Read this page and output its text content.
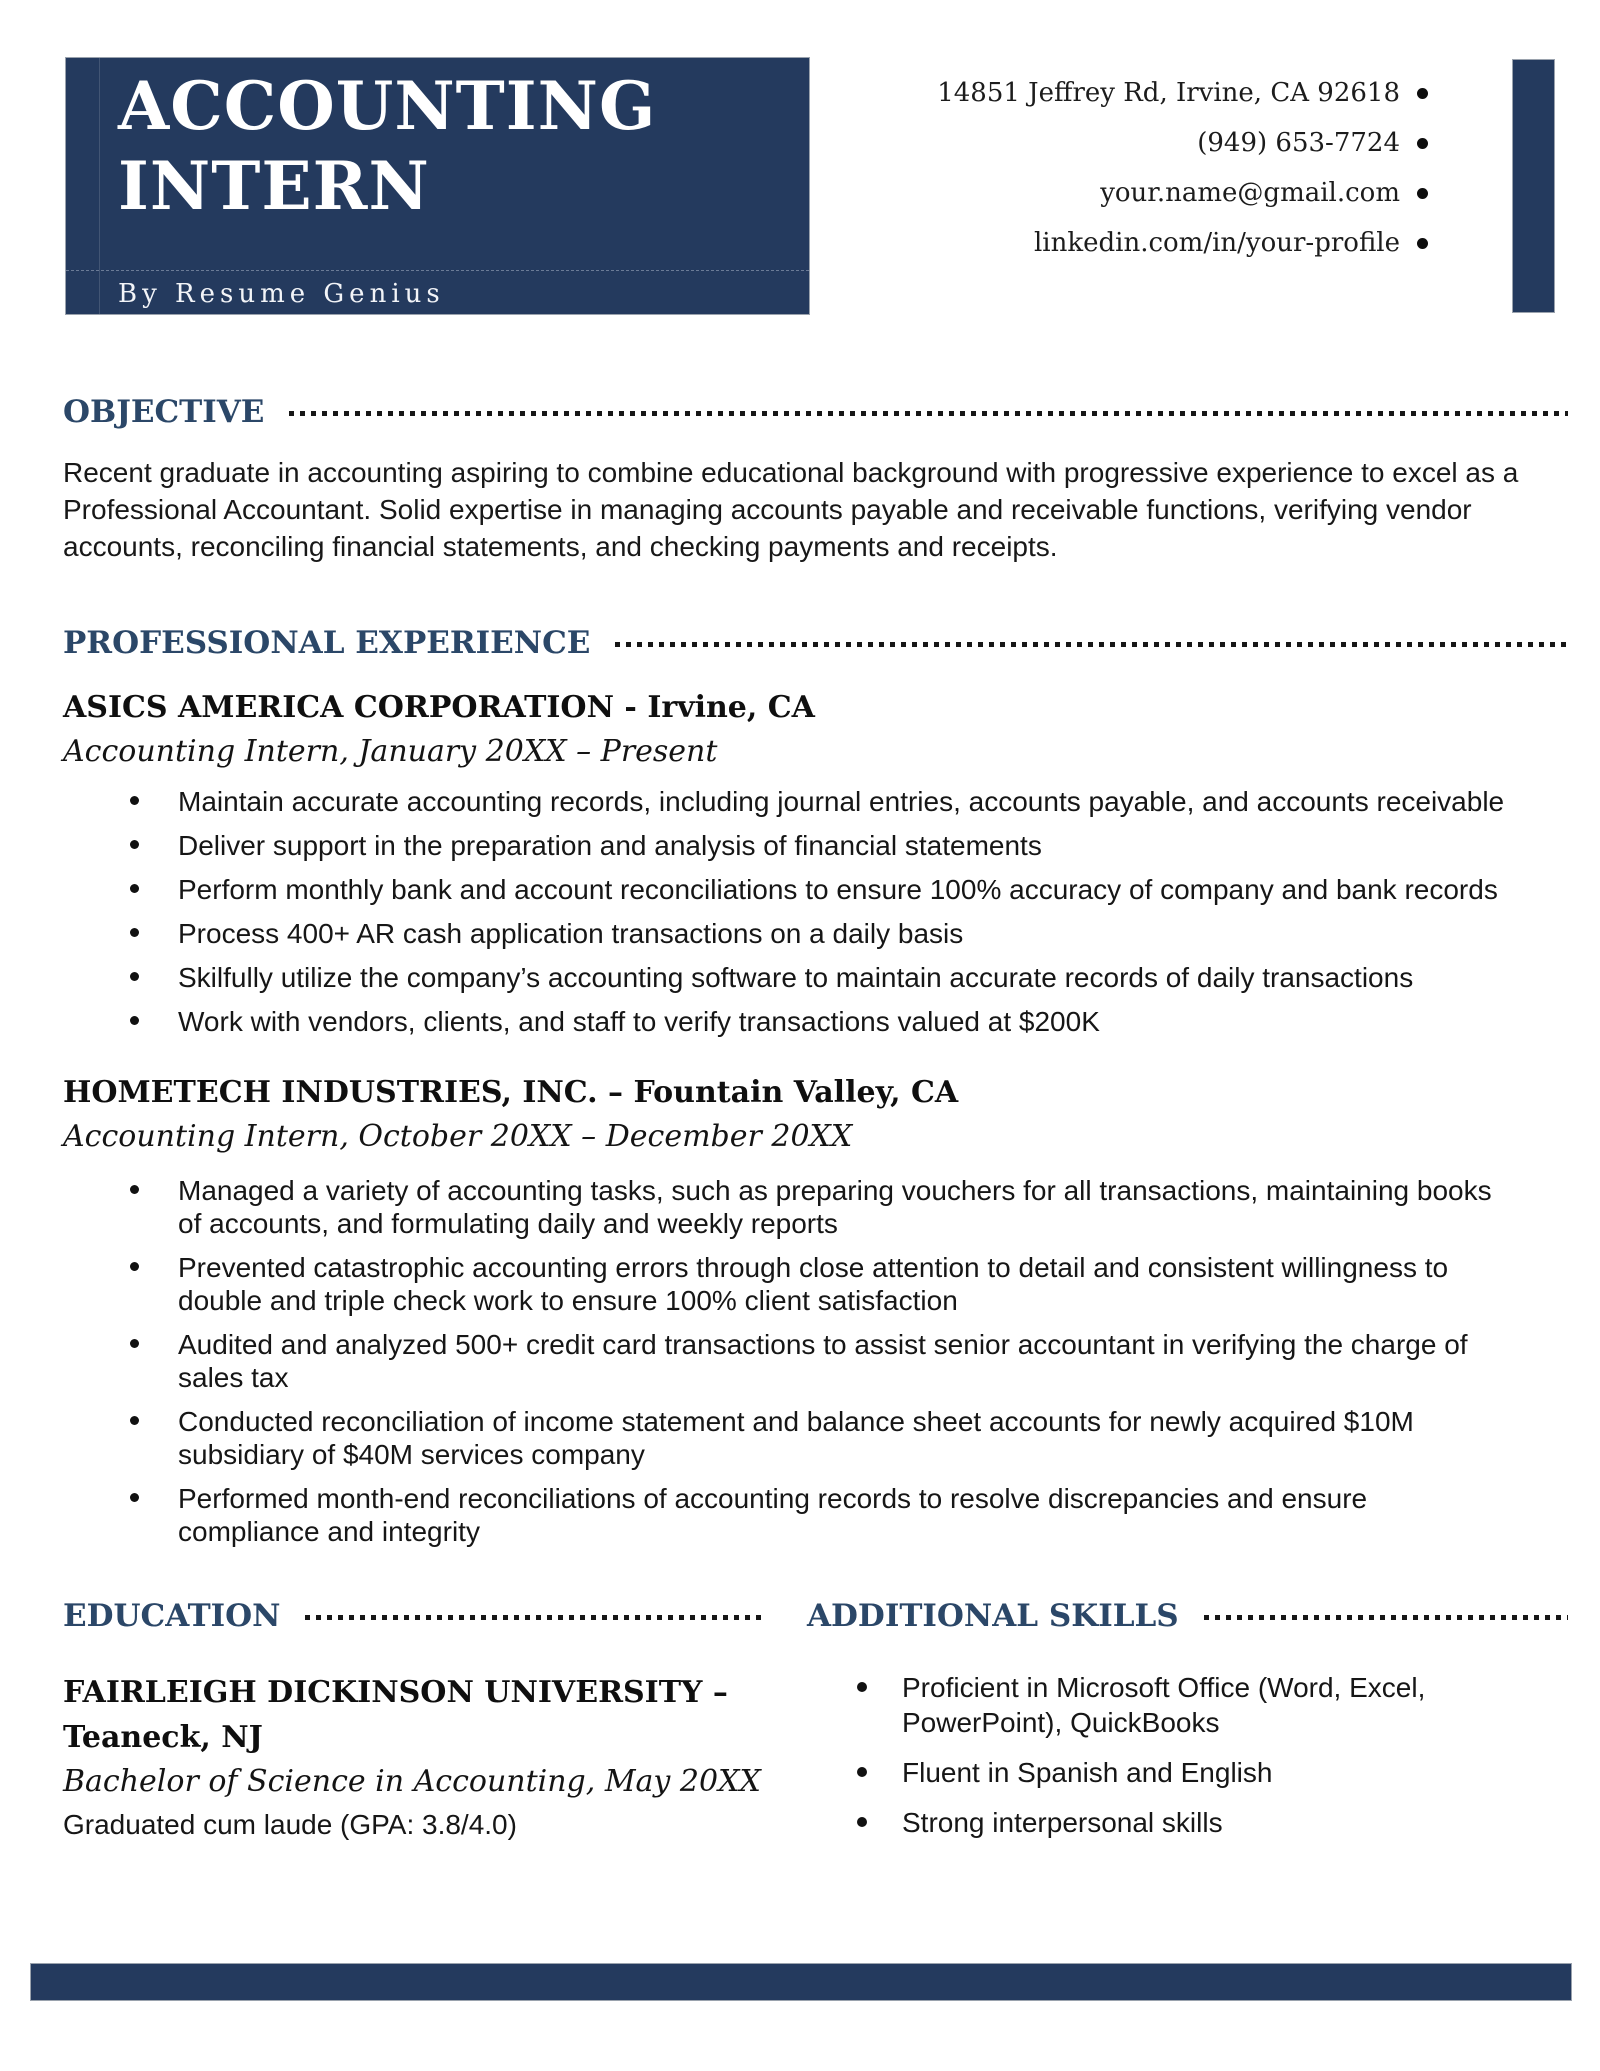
ACCOUNTING
INTERN
By Resume Genius
14851 Jeffrey Rd, Irvine, CA 92618
(949) 653-7724
your.name@gmail.com
linkedin.com/in/your-profile
OBJECTIVE
Recent graduate in accounting aspiring to combine educational background with progressive experience to excel as a Professional Accountant. Solid expertise in managing accounts payable and receivable functions, verifying vendor accounts, reconciling financial statements, and checking payments and receipts.
PROFESSIONAL EXPERIENCE
ASICS AMERICA CORPORATION - Irvine, CA
Accounting Intern, January 20XX – Present
Maintain accurate accounting records, including journal entries, accounts payable, and accounts receivable
Deliver support in the preparation and analysis of financial statements
Perform monthly bank and account reconciliations to ensure 100% accuracy of company and bank records
Process 400+ AR cash application transactions on a daily basis
Skilfully utilize the company’s accounting software to maintain accurate records of daily transactions
Work with vendors, clients, and staff to verify transactions valued at $200K
HOMETECH INDUSTRIES, INC. – Fountain Valley, CA
Accounting Intern, October 20XX – December 20XX
Managed a variety of accounting tasks, such as preparing vouchers for all transactions, maintaining books of accounts, and formulating daily and weekly reports
Prevented catastrophic accounting errors through close attention to detail and consistent willingness to double and triple check work to ensure 100% client satisfaction
Audited and analyzed 500+ credit card transactions to assist senior accountant in verifying the charge of sales tax
Conducted reconciliation of income statement and balance sheet accounts for newly acquired $10M subsidiary of $40M services company
Performed month-end reconciliations of accounting records to resolve discrepancies and ensure compliance and integrity
EDUCATION
FAIRLEIGH DICKINSON UNIVERSITY –
Teaneck, NJ
Bachelor of Science in Accounting, May 20XX
Graduated cum laude (GPA: 3.8/4.0)
ADDITIONAL SKILLS
Proficient in Microsoft Office (Word, Excel, PowerPoint), QuickBooks
Fluent in Spanish and English
Strong interpersonal skills
